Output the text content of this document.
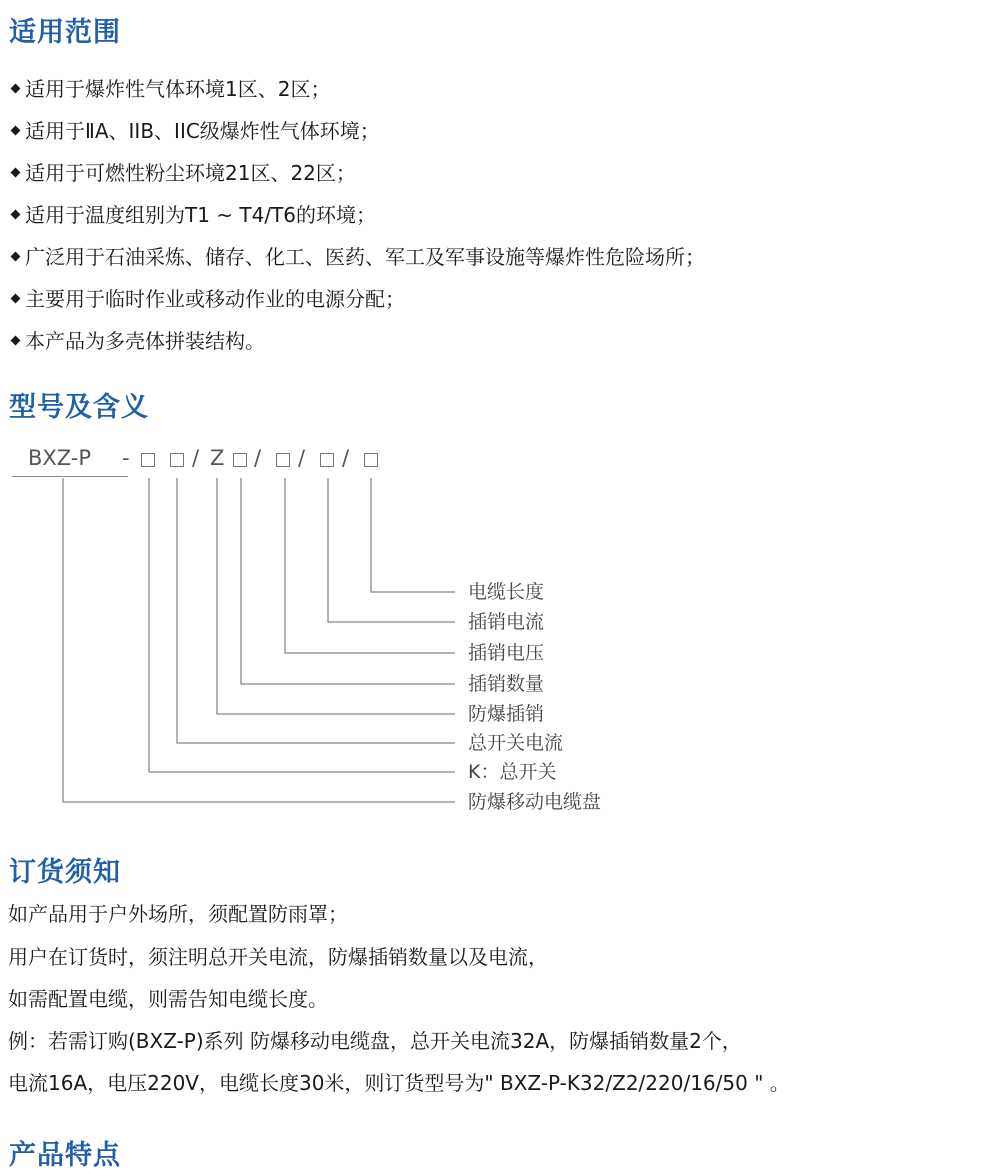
适用范围
适用于爆炸性气体环境1区、2区；
适用于ⅡA、IIB、IIC级爆炸性气体环境；
适用于可燃性粉尘环境21区、22区；
适用于温度组别为T1 ~ T4/T6的环境；
广泛用于石油采炼、储存、化工、医药、军工及军事设施等爆炸性危险场所；
主要用于临时作业或移动作业的电源分配；
本产品为多壳体拼装结构。
型号及含义
BXZ-P -	/ Z / / /
电缆长度
插销电流
插销电压
插销数量
防爆插销
总开关电流
K：总开关
防爆移动电缆盘
订货须知
如产品用于户外场所，须配置防雨罩；
用户在订货时，须注明总开关电流，防爆插销数量以及电流，
如需配置电缆，则需告知电缆长度。
例：若需订购(BXZ-P)系列 防爆移动电缆盘，总开关电流32A，防爆插销数量2个，
电流16A，电压220V，电缆长度30米，则订货型号为" BXZ-P-K32/Z2/220/16/50 " 。
产品特点
